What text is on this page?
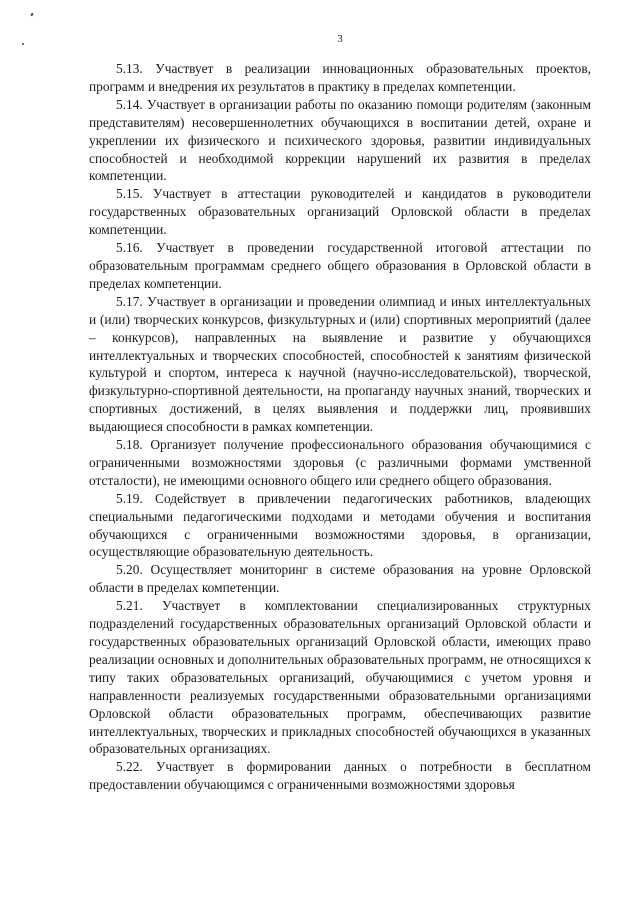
3

5.13. Участвует в реализации инновационных образовательных проектов, программ и внедрения их результатов в практику в пределах компетенции.

5.14. Участвует в организации работы по оказанию помощи родителям (законным представителям) несовершеннолетних обучающихся в воспитании детей, охране и укреплении их физического и психического здоровья, развитии индивидуальных способностей и необходимой коррекции нарушений их развития в пределах компетенции.

5.15. Участвует в аттестации руководителей и кандидатов в руководители государственных образовательных организаций Орловской области в пределах компетенции.

5.16. Участвует в проведении государственной итоговой аттестации по образовательным программам среднего общего образования в Орловской области в пределах компетенции.

5.17. Участвует в организации и проведении олимпиад и иных интеллектуальных и (или) творческих конкурсов, физкультурных и (или) спортивных мероприятий (далее – конкурсов), направленных на выявление и развитие у обучающихся интеллектуальных и творческих способностей, способностей к занятиям физической культурой и спортом, интереса к научной (научно-исследовательской), творческой, физкультурно-спортивной деятельности, на пропаганду научных знаний, творческих и спортивных достижений, в целях выявления и поддержки лиц, проявивших выдающиеся способности в рамках компетенции.

5.18. Организует получение профессионального образования обучающимися с ограниченными возможностями здоровья (с различными формами умственной отсталости), не имеющими основного общего или среднего общего образования.

5.19. Содействует в привлечении педагогических работников, владеющих специальными педагогическими подходами и методами обучения и воспитания обучающихся с ограниченными возможностями здоровья, в организации, осуществляющие образовательную деятельность.

5.20. Осуществляет мониторинг в системе образования на уровне Орловской области в пределах компетенции.

5.21. Участвует в комплектовании специализированных структурных подразделений государственных образовательных организаций Орловской области и государственных образовательных организаций Орловской области, имеющих право реализации основных и дополнительных образовательных программ, не относящихся к типу таких образовательных организаций, обучающимися с учетом уровня и направленности реализуемых государственными образовательными организациями Орловской области образовательных программ, обеспечивающих развитие интеллектуальных, творческих и прикладных способностей обучающихся в указанных образовательных организациях.

5.22. Участвует в формировании данных о потребности в бесплатном предоставлении обучающимся с ограниченными возможностями здоровья
